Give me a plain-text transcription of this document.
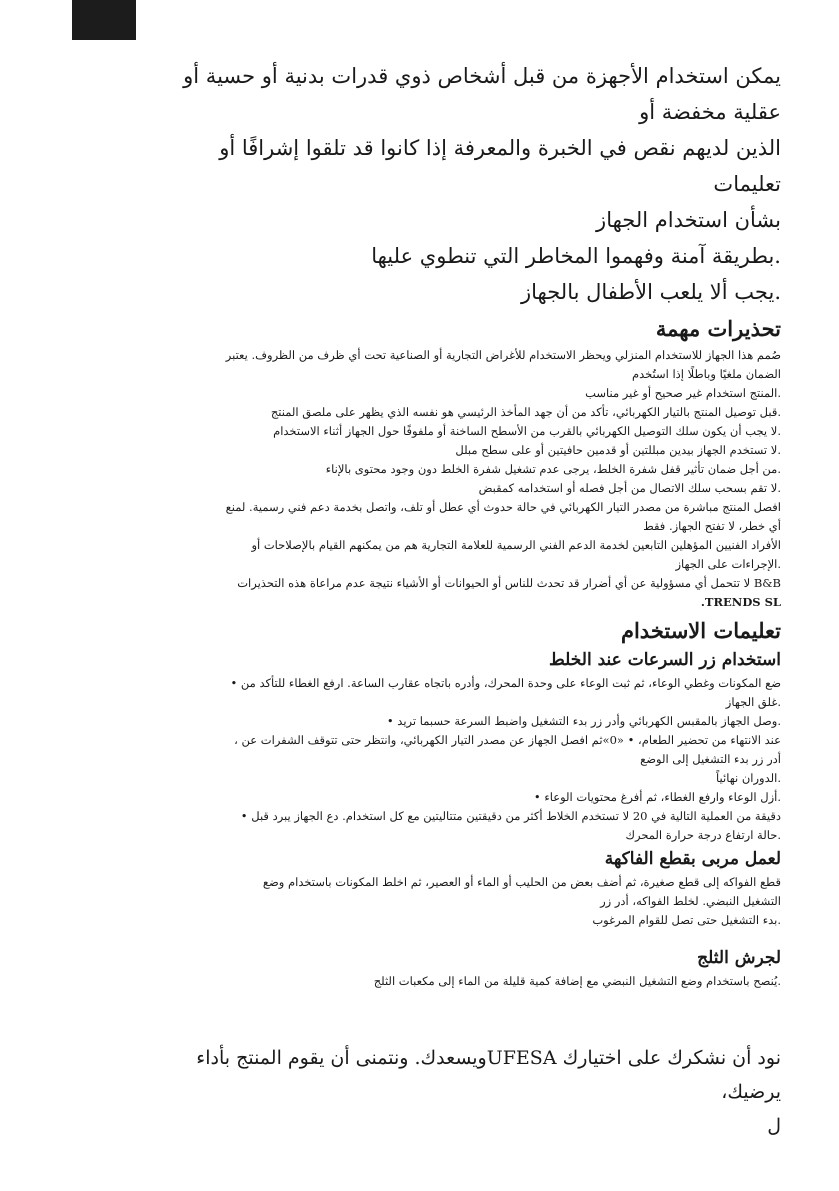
يمكن استخدام الأجهزة من قبل أشخاص ذوي قدرات بدنية أو حسية أو

عقلية مخفضة أو

الذين لديهم نقص في الخبرة والمعرفة إذا كانوا قد تلقوا إشرافًا أو تعليمات

بشأن استخدام الجهاز

.بطريقة آمنة وفهموا المخاطر التي تنطوي عليها

.يجب ألا يلعب الأطفال بالجهاز

تحذيرات مهمة

صُمم هذا الجهاز للاستخدام المنزلي ويحظر الاستخدام للأغراض التجارية أو الصناعية تحت أي ظرف من الظروف. يعتبر

الضمان ملغيًا وباطلًا إذا استُخدم

.المنتج استخدام غير صحيح أو غير مناسب

.قبل توصيل المنتج بالتيار الكهربائي، تأكد من أن جهد المأخذ الرئيسي هو نفسه الذي يظهر على ملصق المنتج

.لا يجب أن يكون سلك التوصيل الكهربائي بالقرب من الأسطح الساخنة أو ملفوفًا حول الجهاز أثناء الاستخدام

.لا تستخدم الجهاز بيدين مبللتين أو قدمين حافيتين أو على سطح مبلل

.من أجل ضمان تأثير قفل شفرة الخلط، يرجى عدم تشغيل شفرة الخلط دون وجود محتوى بالإناء

.لا تقم بسحب سلك الاتصال من أجل فصله أو استخدامه كمقبض

افصل المنتج مباشرة من مصدر التيار الكهربائي في حالة حدوث أي عطل أو تلف، واتصل بخدمة دعم فني رسمية. لمنع

أي خطر، لا تفتح الجهاز. فقط

الأفراد الفنيين المؤهلين التابعين لخدمة الدعم الفني الرسمية للعلامة التجارية هم من يمكنهم القيام بالإصلاحات أو

.الإجراءات على الجهاز

B&B لا تتحمل أي مسؤولية عن أي أضرار قد تحدث للناس أو الحيوانات أو الأشياء نتيجة عدم مراعاة هذه التحذيرات

TRENDS SL.

تعليمات الاستخدام
استخدام زر السرعات عند الخلط

ضع المكونات وغطي الوعاء، ثم ثبت الوعاء على وحدة المحرك، وأدره باتجاه عقارب الساعة. ارفع الغطاء للتأكد من •

.غلق الجهاز

.وصل الجهاز بالمقبس الكهربائي وأدر زر بدء التشغيل واضبط السرعة حسبما تريد •

عند الانتهاء من تحضير الطعام، • «0»ثم افصل الجهاز عن مصدر التيار الكهربائي، وانتظر حتى تتوقف الشفرات عن ،

أدر زر بدء التشغيل إلى الوضع

.الدوران نهائياً

.أزل الوعاء وارفع الغطاء، ثم أفرغ محتويات الوعاء •

دقيقة من العملية التالية في 20 لا تستخدم الخلاط أكثر من دقيقتين متتاليتين مع كل استخدام. دع الجهاز يبرد قبل •

.حالة ارتفاع درجة حرارة المحرك

لعمل مربى بقطع الفاكهة

قطع الفواكه إلى قطع صغيرة، ثم أضف بعض من الحليب أو الماء أو العصير، ثم اخلط المكونات باستخدام وضع

التشغيل النبضي. لخلط الفواكه، أدر زر

.بدء التشغيل حتى تصل للقوام المرغوب

لجرش الثلج

.يُنصح باستخدام وضع التشغيل النبضي مع إضافة كمية قليلة من الماء إلى مكعبات الثلج

نود أن نشكرك على اختيارك UFESAويسعدك. ونتمنى أن يقوم المنتج بأداء يرضيك،

ل
